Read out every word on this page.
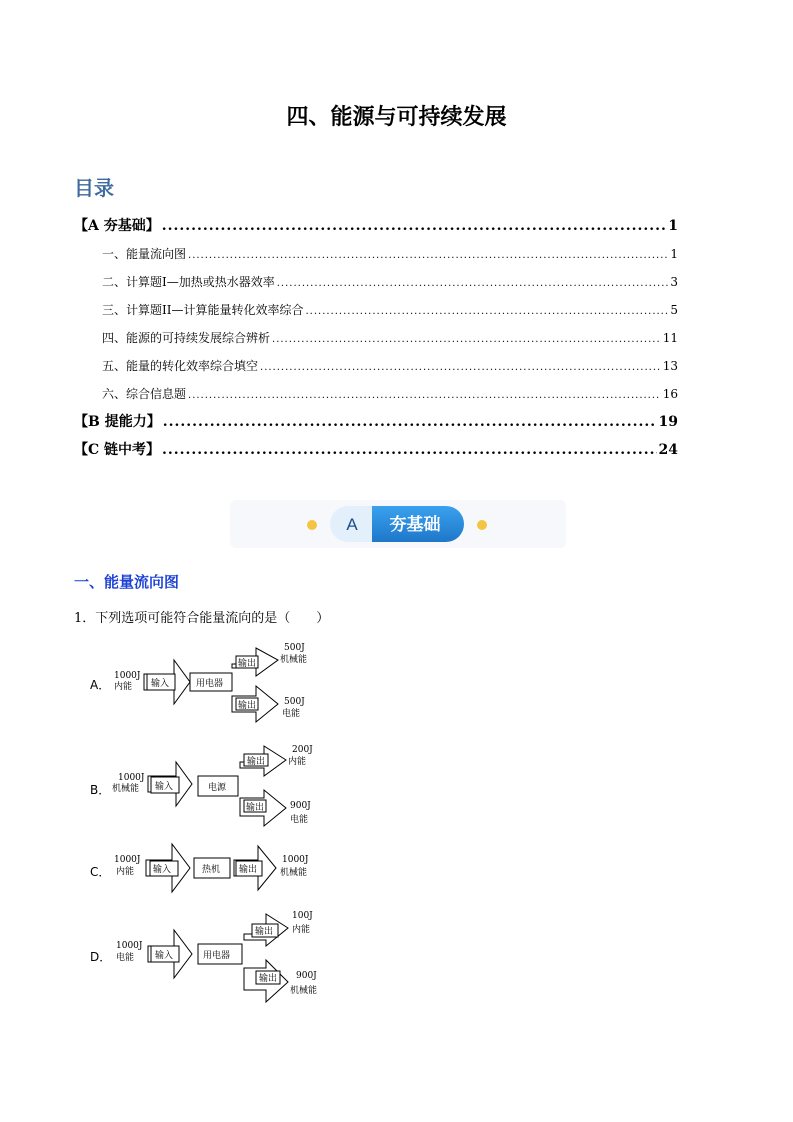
四、能源与可持续发展
目录
【A 夯基础】 .....	1
一、能量流向图 .....	1
二、计算题I—加热或热水器效率 .....	3
三、计算题II—计算能量转化效率综合 .....	5
四、能源的可持续发展综合辨析 .....	11
五、能量的转化效率综合填空 .....	13
六、综合信息题 .....	16
【B 提能力】 .....	19
【C 链中考】 .....	24
A 夯基础
一、能量流向图
1．下列选项可能符合能量流向的是（　　）
A．
B．
C．
D．
1000J
内能 输入	用电器
输出
500J
机械能
输出	500J
电能
1000J
机械能 输入	电源
输出
200J
内能
输出	900J
电能
1000J
内能 输入	热机 输出
1000J
机械能
1000J
电能 输入	用电器
输出
100J
内能
输出 900J
机械能
